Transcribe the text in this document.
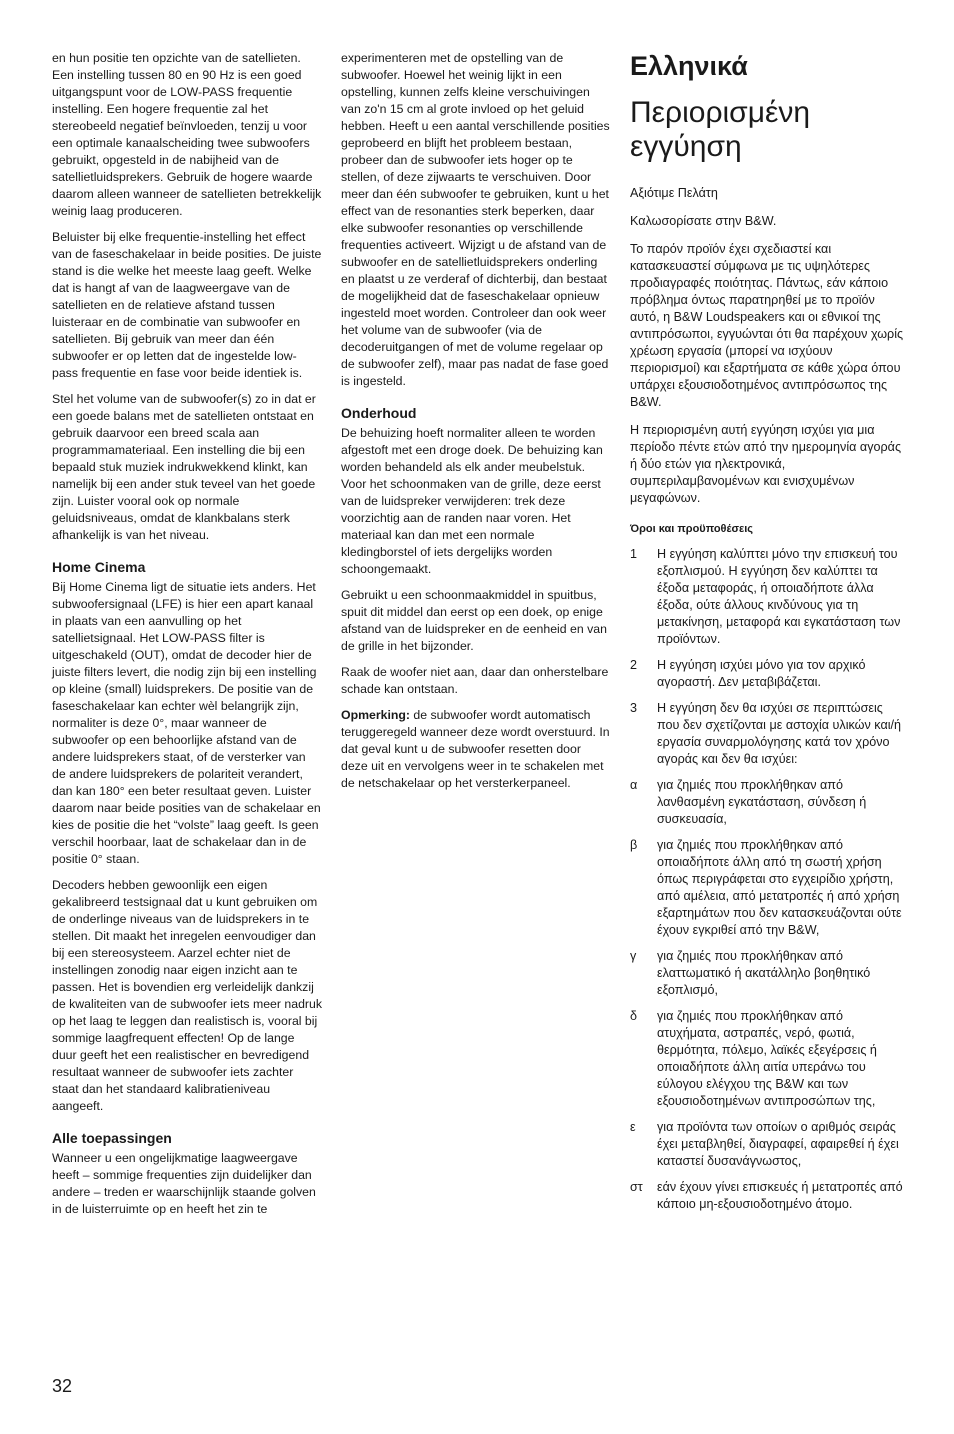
en hun positie ten opzichte van de satellieten. Een instelling tussen 80 en 90 Hz is een goed uitgangspunt voor de LOW-PASS frequentie instelling. Een hogere frequentie zal het stereobeeld negatief beïnvloeden, tenzij u voor een optimale kanaalscheiding twee subwoofers gebruikt, opgesteld in de nabijheid van de satellietluidsprekers. Gebruik de hogere waarde daarom alleen wanneer de satellieten betrekkelijk weinig laag produceren.

Beluister bij elke frequentie-instelling het effect van de faseschakelaar in beide posities. De juiste stand is die welke het meeste laag geeft. Welke dat is hangt af van de laagweergave van de satellieten en de relatieve afstand tussen luisteraar en de combinatie van subwoofer en satellieten. Bij gebruik van meer dan één subwoofer er op letten dat de ingestelde low-pass frequentie en fase voor beide identiek is.

Stel het volume van de subwoofer(s) zo in dat er een goede balans met de satellieten ontstaat en gebruik daarvoor een breed scala aan programmamateriaal. Een instelling die bij een bepaald stuk muziek indrukwekkend klinkt, kan namelijk bij een ander stuk teveel van het goede zijn. Luister vooral ook op normale geluidsniveaus, omdat de klankbalans sterk afhankelijk is van het niveau.

Home Cinema

Bij Home Cinema ligt de situatie iets anders. Het subwoofersignaal (LFE) is hier een apart kanaal in plaats van een aanvulling op het satellietsignaal. Het LOW-PASS filter is uitgeschakeld (OUT), omdat de decoder hier de juiste filters levert, die nodig zijn bij een instelling op kleine (small) luidsprekers. De positie van de faseschakelaar kan echter wèl belangrijk zijn, normaliter is deze 0°, maar wanneer de subwoofer op een behoorlijke afstand van de andere luidsprekers staat, of de versterker van de andere luidsprekers de polariteit verandert, dan kan 180° een beter resultaat geven. Luister daarom naar beide posities van de schakelaar en kies de positie die het “volste” laag geeft. Is geen verschil hoorbaar, laat de schakelaar dan in de positie 0° staan.

Decoders hebben gewoonlijk een eigen gekalibreerd testsignaal dat u kunt gebruiken om de onderlinge niveaus van de luidsprekers in te stellen. Dit maakt het inregelen eenvoudiger dan bij een stereosysteem. Aarzel echter niet de instellingen zonodig naar eigen inzicht aan te passen. Het is bovendien erg verleidelijk dankzij de kwaliteiten van de subwoofer iets meer nadruk op het laag te leggen dan realistisch is, vooral bij sommige laagfrequent effecten! Op de lange duur geeft het een realistischer en bevredigend resultaat wanneer de subwoofer iets zachter staat dan het standaard kalibratieniveau aangeeft.

Alle toepassingen

Wanneer u een ongelijkmatige laagweergave heeft – sommige frequenties zijn duidelijker dan andere – treden er waarschijnlijk staande golven in de luisterruimte op en heeft het zin te

experimenteren met de opstelling van de subwoofer. Hoewel het weinig lijkt in een opstelling, kunnen zelfs kleine verschuivingen van zo'n 15 cm al grote invloed op het geluid hebben. Heeft u een aantal verschillende posities geprobeerd en blijft het probleem bestaan, probeer dan de subwoofer iets hoger op te stellen, of deze zijwaarts te verschuiven. Door meer dan één subwoofer te gebruiken, kunt u het effect van de resonanties sterk beperken, daar elke subwoofer resonanties op verschillende frequenties activeert. Wijzigt u de afstand van de subwoofer en de satellietluidsprekers onderling en plaatst u ze verderaf of dichterbij, dan bestaat de mogelijkheid dat de faseschakelaar opnieuw ingesteld moet worden. Controleer dan ook weer het volume van de subwoofer (via de decoderuitgangen of met de volume regelaar op de subwoofer zelf), maar pas nadat de fase goed is ingesteld.

Onderhoud

De behuizing hoeft normaliter alleen te worden afgestoft met een droge doek. De behuizing kan worden behandeld als elk ander meubelstuk. Voor het schoonmaken van de grille, deze eerst van de luidspreker verwijderen: trek deze voorzichtig aan de randen naar voren. Het materiaal kan dan met een normale kledingborstel of iets dergelijks worden schoongemaakt.

Gebruikt u een schoonmaakmiddel in spuitbus, spuit dit middel dan eerst op een doek, op enige afstand van de luidspreker en de eenheid en van de grille in het bijzonder.

Raak de woofer niet aan, daar dan onherstelbare schade kan ontstaan.

Opmerking: de subwoofer wordt automatisch teruggeregeld wanneer deze wordt overstuurd. In dat geval kunt u de subwoofer resetten door deze uit en vervolgens weer in te schakelen met de netschakelaar op het versterkerpaneel.

Ελληνικά
Περιορισμένη εγγύηση

Αξιότιμε Πελάτη

Καλωσορίσατε στην B&W.

Το παρόν προϊόν έχει σχεδιαστεί και κατασκευαστεί σύμφωνα με τις υψηλότερες προδιαγραφές ποιότητας. Πάντως, εάν κάποιο πρόβλημα όντως παρατηρηθεί με το προϊόν αυτό, η B&W Loudspeakers και οι εθνικοί της αντιπρόσωποι, εγγυώνται ότι θα παρέχουν χωρίς χρέωση εργασία (μπορεί να ισχύουν περιορισμοί) και εξαρτήματα σε κάθε χώρα όπου υπάρχει εξουσιοδοτημένος αντιπρόσωπος της B&W.

Η περιορισμένη αυτή εγγύηση ισχύει για μια περίοδο πέντε ετών από την ημερομηνία αγοράς ή δύο ετών για ηλεκτρονικά, συμπεριλαμβανομένων και ενισχυμένων μεγαφώνων.

Όροι και προϋποθέσεις
1	Η εγγύηση καλύπτει μόνο την επισκευή του εξοπλισμού. Η εγγύηση δεν καλύπτει τα έξοδα μεταφοράς, ή οποιαδήποτε άλλα έξοδα, ούτε άλλους κινδύνους για τη μετακίνηση, μεταφορά και εγκατάσταση των προϊόντων.
2	Η εγγύηση ισχύει μόνο για τον αρχικό αγοραστή. Δεν μεταβιβάζεται.
3	Η εγγύηση δεν θα ισχύει σε περιπτώσεις που δεν σχετίζονται με αστοχία υλικών και/ή εργασία συναρμολόγησης κατά τον χρόνο αγοράς και δεν θα ισχύει:
α	για ζημιές που προκλήθηκαν από λανθασμένη εγκατάσταση, σύνδεση ή συσκευασία,
β	για ζημιές που προκλήθηκαν από οποιαδήποτε άλλη από τη σωστή χρήση όπως περιγράφεται στο εγχειρίδιο χρήστη, από αμέλεια, από μετατροπές ή από χρήση εξαρτημάτων που δεν κατασκευάζονται ούτε έχουν εγκριθεί από την B&W,
γ	για ζημιές που προκλήθηκαν από ελαττωματικό ή ακατάλληλο βοηθητικό εξοπλισμό,
δ	για ζημιές που προκλήθηκαν από ατυχήματα, αστραπές, νερό, φωτιά, θερμότητα, πόλεμο, λαϊκές εξεγέρσεις ή οποιαδήποτε άλλη αιτία υπεράνω του εύλογου ελέγχου της B&W και των εξουσιοδοτημένων αντιπροσώπων της,
ε	για προϊόντα των οποίων ο αριθμός σειράς έχει μεταβληθεί, διαγραφεί, αφαιρεθεί ή έχει καταστεί δυσανάγνωστος,
στ	εάν έχουν γίνει επισκευές ή μετατροπές από κάποιο μη-εξουσιοδοτημένο άτομο.
32
